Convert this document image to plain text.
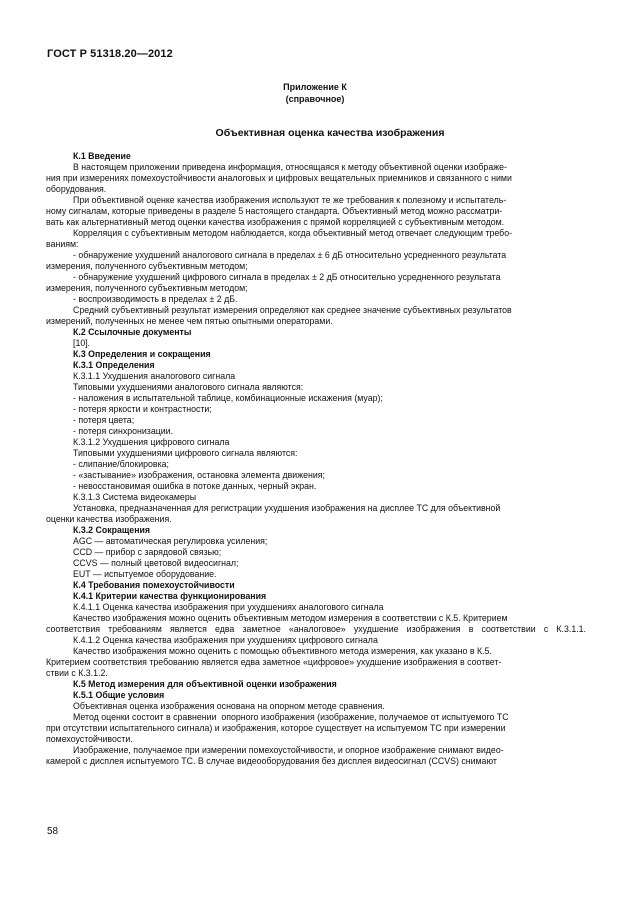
ГОСТ Р 51318.20—2012
Приложение К
(справочное)
Объективная оценка качества изображения
К.1 Введение
В настоящем приложении приведена информация, относящаяся к методу объективной оценки изображе-
ния при измерениях помехоустойчивости аналоговых и цифровых вещательных приемников и связанного с ними
оборудования.
При объективной оценке качества изображения используют те же требования к полезному и испытатель-
ному сигналам, которые приведены в разделе 5 настоящего стандарта. Объективный метод можно рассматри-
вать как альтернативный метод оценки качества изображения с прямой корреляцией с субъективным методом.
Корреляция с субъективным методом наблюдается, когда объективный метод отвечает следующим требо-
ваниям:
- обнаружение ухудшений аналогового сигнала в пределах ± 6 дБ относительно усредненного результата
измерения, полученного субъективным методом;
- обнаружение ухудшений цифрового сигнала в пределах ± 2 дБ относительно усредненного результата
измерения, полученного субъективным методом;
- воспроизводимость в пределах ± 2 дБ.
Средний субъективный результат измерения определяют как среднее значение субъективных результатов
измерений, полученных не менее чем пятью опытными операторами.
К.2 Ссылочные документы
[10].
К.3 Определения и сокращения
К.3.1 Определения
К.3.1.1 Ухудшения аналогового сигнала
Типовыми ухудшениями аналогового сигнала являются:
- наложения в испытательной таблице, комбинационные искажения (муар);
- потеря яркости и контрастности;
- потеря цвета;
- потеря синхронизации.
К.3.1.2 Ухудшения цифрового сигнала
Типовыми ухудшениями цифрового сигнала являются:
- слипание/блокировка;
- «застывание» изображения, остановка элемента движения;
- невосстановимая ошибка в потоке данных, черный экран.
К.3.1.3 Система видеокамеры
Установка, предназначенная для регистрации ухудшения изображения на дисплее ТС для объективной
оценки качества изображения.
К.3.2 Сокращения
AGC — автоматическая регулировка усиления;
CCD — прибор с зарядовой связью;
CCVS — полный цветовой видеосигнал;
EUT — испытуемое оборудование.
К.4 Требования помехоустойчивости
К.4.1 Критерии качества функционирования
К.4.1.1 Оценка качества изображения при ухудшениях аналогового сигнала
Качество изображения можно оценить объективным методом измерения в соответствии с К.5. Критерием
соответствия требованиям является едва заметное «аналоговое» ухудшение изображения в соответствии с К.3.1.1.
К.4.1.2 Оценка качества изображения при ухудшениях цифрового сигнала
Качество изображения можно оценить с помощью объективного метода измерения, как указано в К.5.
Критерием соответствия требованию является едва заметное «цифровое» ухудшение изображения в соответ-
ствии с К.3.1.2.
К.5 Метод измерения для объективной оценки изображения
К.5.1 Общие условия
Объективная оценка изображения основана на опорном методе сравнения.
Метод оценки состоит в сравнении  опорного изображения (изображение, получаемое от испытуемого ТС
при отсутствии испытательного сигнала) и изображения, которое существует на испытуемом ТС при измерении
помехоустойчивости.
Изображение, получаемое при измерении помехоустойчивости, и опорное изображение снимают видео-
камерой с дисплея испытуемого ТС. В случае видеооборудования без дисплея видеосигнал (CCVS) снимают
58
